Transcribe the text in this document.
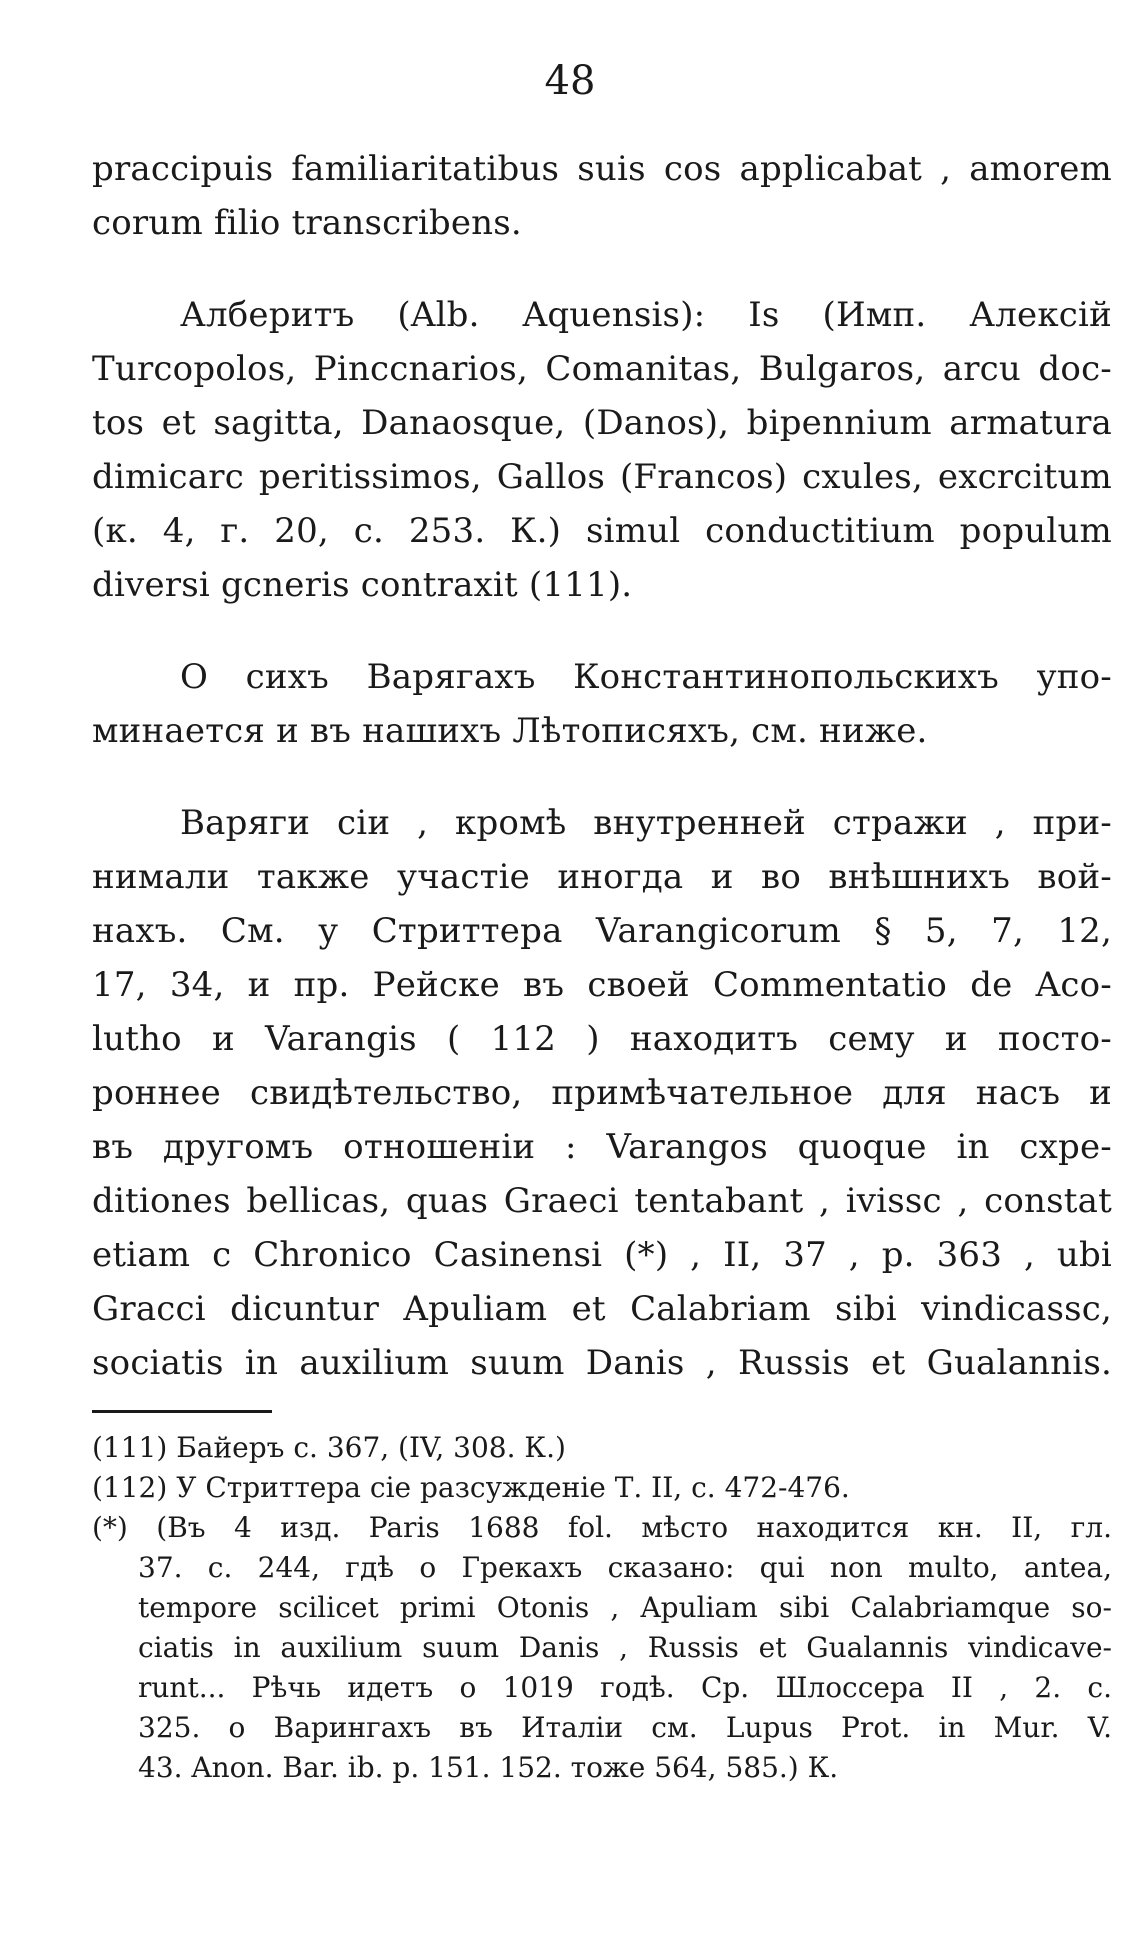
48
praccipuis familiaritatibus suis cos applicabat , amorem
corum filio transcribens.
Алберитъ (Alb. Aquensis): Is (Имп. Алексій
Turcopolos, Pinccnarios, Comanitas, Bulgaros, arcu doc-
tos et sagitta, Danaosque, (Danos), bipennium armatura
dimicarc peritissimos, Gallos (Francos) cxules, excrcitum
(к. 4, г. 20, с. 253. К.) simul conductitium populum
diversi gcneris contraxit (111).
О сихъ Варягахъ Константинопольскихъ упо-
минается и въ нашихъ Лѣтописяхъ, см. ниже.
Варяги сіи , кромѣ внутренней стражи , при-
нимали также участіе иногда и во внѣшнихъ вой-
нахъ. См. у Стриттера Varangicorum § 5, 7, 12,
17, 34, и пр. Рейске въ своей Commentatio de Aco-
lutho и Varangis ( 112 ) находитъ сему и посто-
роннее свидѣтельство, примѣчательное для насъ и
въ другомъ отношеніи : Varangos quoque in cxpe-
ditiones bellicas, quas Graeci tentabant , ivissc , constat
etiam c Chronico Casinensi (*) , II, 37 , p. 363 , ubi
Gracci dicuntur Apuliam et Calabriam sibi vindicassc,
sociatis in auxilium suum Danis , Russis et Gualannis.
(111) Байеръ с. 367, (IV, 308. К.)
(112) У Стриттера сіе разсужденіе Т. II, с. 472-476.
(*) (Въ 4 изд. Paris 1688 fol. мѣсто находится кн. II, гл.
37. с. 244, гдѣ о Грекахъ сказано: qui non multo, antea,
tempore scilicet primi Otonis , Apuliam sibi Calabriamque so-
ciatis in auxilium suum Danis , Russis et Gualannis vindicave-
runt... Рѣчь идетъ о 1019 годѣ. Ср. Шлоссера II , 2. с.
325. о Варингахъ въ Италіи см. Lupus Prot. in Mur. V.
43. Anon. Bar. ib. p. 151. 152. тоже 564, 585.) К.
